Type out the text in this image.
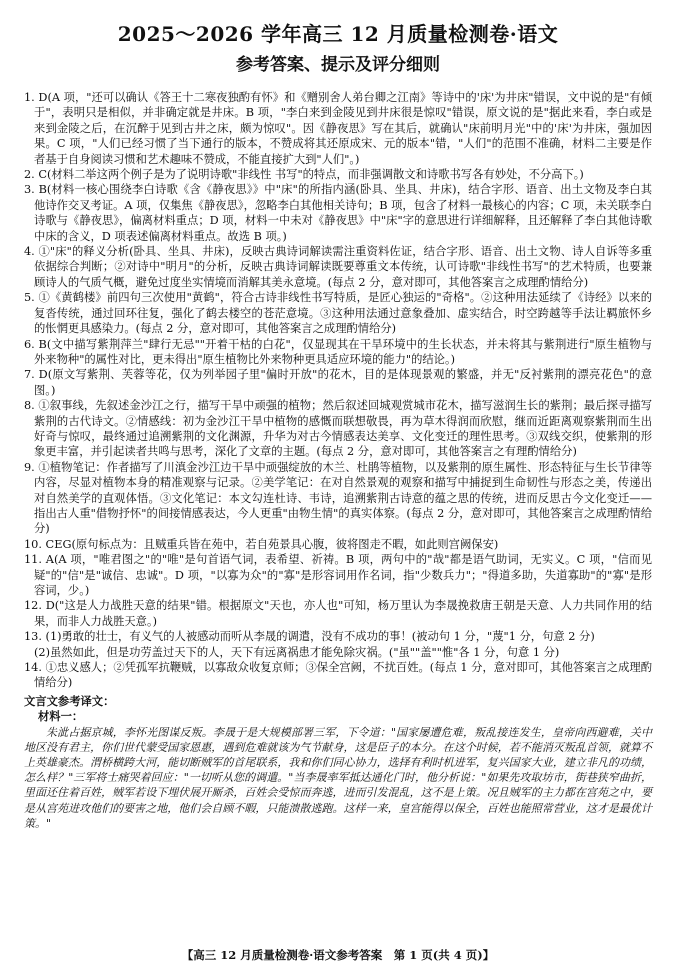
2025～2026 学年高三 12 月质量检测卷·语文
参考答案、提示及评分细则

1. D(A 项，"还可以确认《答王十二寒夜独酌有怀》和《赠别舍人弟台卿之江南》等诗中的'床'为井床"错误，文中说的是"有倾于"，表明只是相似，并非确定就是井床。B 项，"李白来到金陵见到井床很是惊叹"错误，原文说的是"据此来看，李白或是来到金陵之后，在沉醉于见到古井之床，颇为惊叹"。因《静夜思》写在其后，就确认"床前明月光"中的'床'为井床，强加因果。C 项，"人们已经习惯了当下通行的版本，不赞成将其还原成宋、元的版本"错，"人们"的范围不准确，材料二主要是作者基于自身阅读习惯和艺术趣味不赞成，不能直接扩大到"人们"。)

2. C(材料二举这两个例子是为了说明诗歌"非线性 书写"的特点，而非强调散文和诗歌书写各有妙处，不分高下。)

3. B(材料一核心围绕李白诗歌《含《静夜思》》中"床"的所指内涵(卧具、坐具、井床)，结合字形、语音、出土文物及李白其他诗作交叉考证。A 项，仅集焦《静夜思》，忽略李白其他相关诗句；B 项，包含了材料一最核心的内容；C 项，未关联李白诗歌与《静夜思》，偏离材料重点；D 项，材料一中未对《静夜思》中"床"字的意思进行详细解释，且还解释了李白其他诗歌中床的含义，D 项表述偏离材料重点。故选 B 项。)

4. ①"床"的释义分析(卧具、坐具、井床)，反映古典诗词解读需注重资料佐证，结合字形、语音、出土文物、诗人自诉等多重依据综合判断；②对诗中"明月"的分析，反映古典诗词解读既要尊重文本传统，认可诗歌"非线性书写"的艺术特质，也要兼顾诗人的气质气概，避免过度坐实情境而消解其美永意境。(每点 2 分，意对即可，其他答案言之成理酌情给分)

5. ①《黄鹤楼》前四句三次使用"黄鹤"，符合古诗非线性书写特质，是匠心独运的"奇格"。②这种用法延续了《诗经》以来的复沓传统，通过回环往复，强化了鹤去楼空的苍茫意境。③这种用法通过意象叠加、虚实结合，时空跨越等手法让羁旅怀乡的怅惘更具感染力。(每点 2 分，意对即可，其他答案言之成理酌情给分)

6. B(文中描写紫荆萍兰"肆行无忌""开着干枯的白花"，仅显现其在干旱环境中的生长状态，并未将其与紫荆进行"原生植物与外来物种"的属性对比，更未得出"原生植物比外来物种更具适应环境的能力"的结论。)

7. D(原文写紫荆、芙蓉等花，仅为列举园子里"偏时开放"的花木，目的是体现景观的繁盛，并无"反衬紫荆的漂亮花色"的意图。)

8. ①叙事线，先叙述金沙江之行，描写干旱中顽强的植物；然后叙述回城观赏城市花木，描写滋润生长的紫荆；最后探寻描写紫荆的古代诗文。②情感线：初为金沙江干旱中植物的感慨而联想敬畏，再为草木得润而欣慰，继而近距离观察紫荆而生出好奇与惊叹，最终通过追溯紫荆的文化渊源，升华为对古今情感表达美享、文化变迁的理性思考。③双线交织，使紫荆的形象更丰富，并引起读者共鸣与思考，深化了文章的主题。(每点 2 分，意对即可，其他答案言之有理酌情给分)

9. ①植物笔记：作者描写了川滇金沙江边干旱中顽强绽放的木兰、杜鹃等植物，以及紫荆的原生属性、形态特征与生长节律等内容，尽显对植物本身的精准观察与记录。②美学笔记：在对自然景观的观察和描写中捕捉到生命韧性与形态之美，传递出对自然美学的直观体悟。③文化笔记：本文勾连杜诗、韦诗，追溯紫荆古诗意的蕴之思的传统，进而反思古今文化变迁——指出古人重"借物抒怀"的间接情感表达，今人更重"由物生情"的真实体察。(每点 2 分，意对即可，其他答案言之成理酌情给分)

10. CEG(原句标点为：且贼重兵皆在苑中，若自苑景具心腹，彼将图走不暇，如此则宫阙保安)

11. A(A 项，"唯君图之"的"唯"是句首语气词，表希望、祈祷。B 项，两句中的"哉"都是语气助词，无实义。C 项，"信而见疑"的"信"是"诚信、忠诚"。D 项，"以寡为众"的"寡"是形容词用作名词，指"少数兵力"；"得道多助，失道寡助"的"寡"是形容词，少。)

12. D("这是人力战胜天意的结果"错。根据原文"天也，亦人也"可知，杨万里认为李晟挽救唐王朝是天意、人力共同作用的结果，而非人力战胜天意。)

13. (1)勇敢的壮士，有义气的人被感动而听从李晟的调遣，没有不成功的事！(被动句 1 分，"蔑"1 分，句意 2 分)

(2)虽然如此，但是功劳盖过天下的人，天下有远离祸患才能免除灾祸。("虽""盖""惟"各 1 分，句意 1 分)

14. ①忠义感人；②凭孤军抗鞭贼，以寡敌众收复京师；③保全宫阙，不扰百姓。(每点 1 分，意对即可，其他答案言之成理酌情给分)

文言文参考译文：

材料一：

朱泚占据京城，李怀光图谋反叛。李晟于是大规模部署三军，下令道："国家屡遭危难，叛乱接连发生，皇帝向西避难，关中地区没有君主，你们世代蒙受国家恩惠，遇到危难就该为气节献身，这是臣子的本分。在这个时候，若不能消灭叛乱首领，就算不上英雄豪杰。渭桥横跨大河，能切断贼军的首尾联系，我和你们同心协力，选择有利时机进军，复兴国家大业，建立非凡的功绩，怎么样？"三军将士痛哭着回应："一切听从您的调遣。"当李晟率军抵达通化门时，他分析说："如果先攻取坊市，街巷狭窄曲折，里面还住着百姓，贼军若设下埋伏展开厮杀，百姓会受惊而奔逃，进而引发混乱，这不是上策。况且贼军的主力都在宫苑之中，要是从宫苑进攻他们的要害之地，他们会自顾不暇，只能溃散逃跑。这样一来，皇宫能得以保全，百姓也能照常营业，这才是最优计策。"
【高三 12 月质量检测卷·语文参考答案　第 1 页(共 4 页)】
